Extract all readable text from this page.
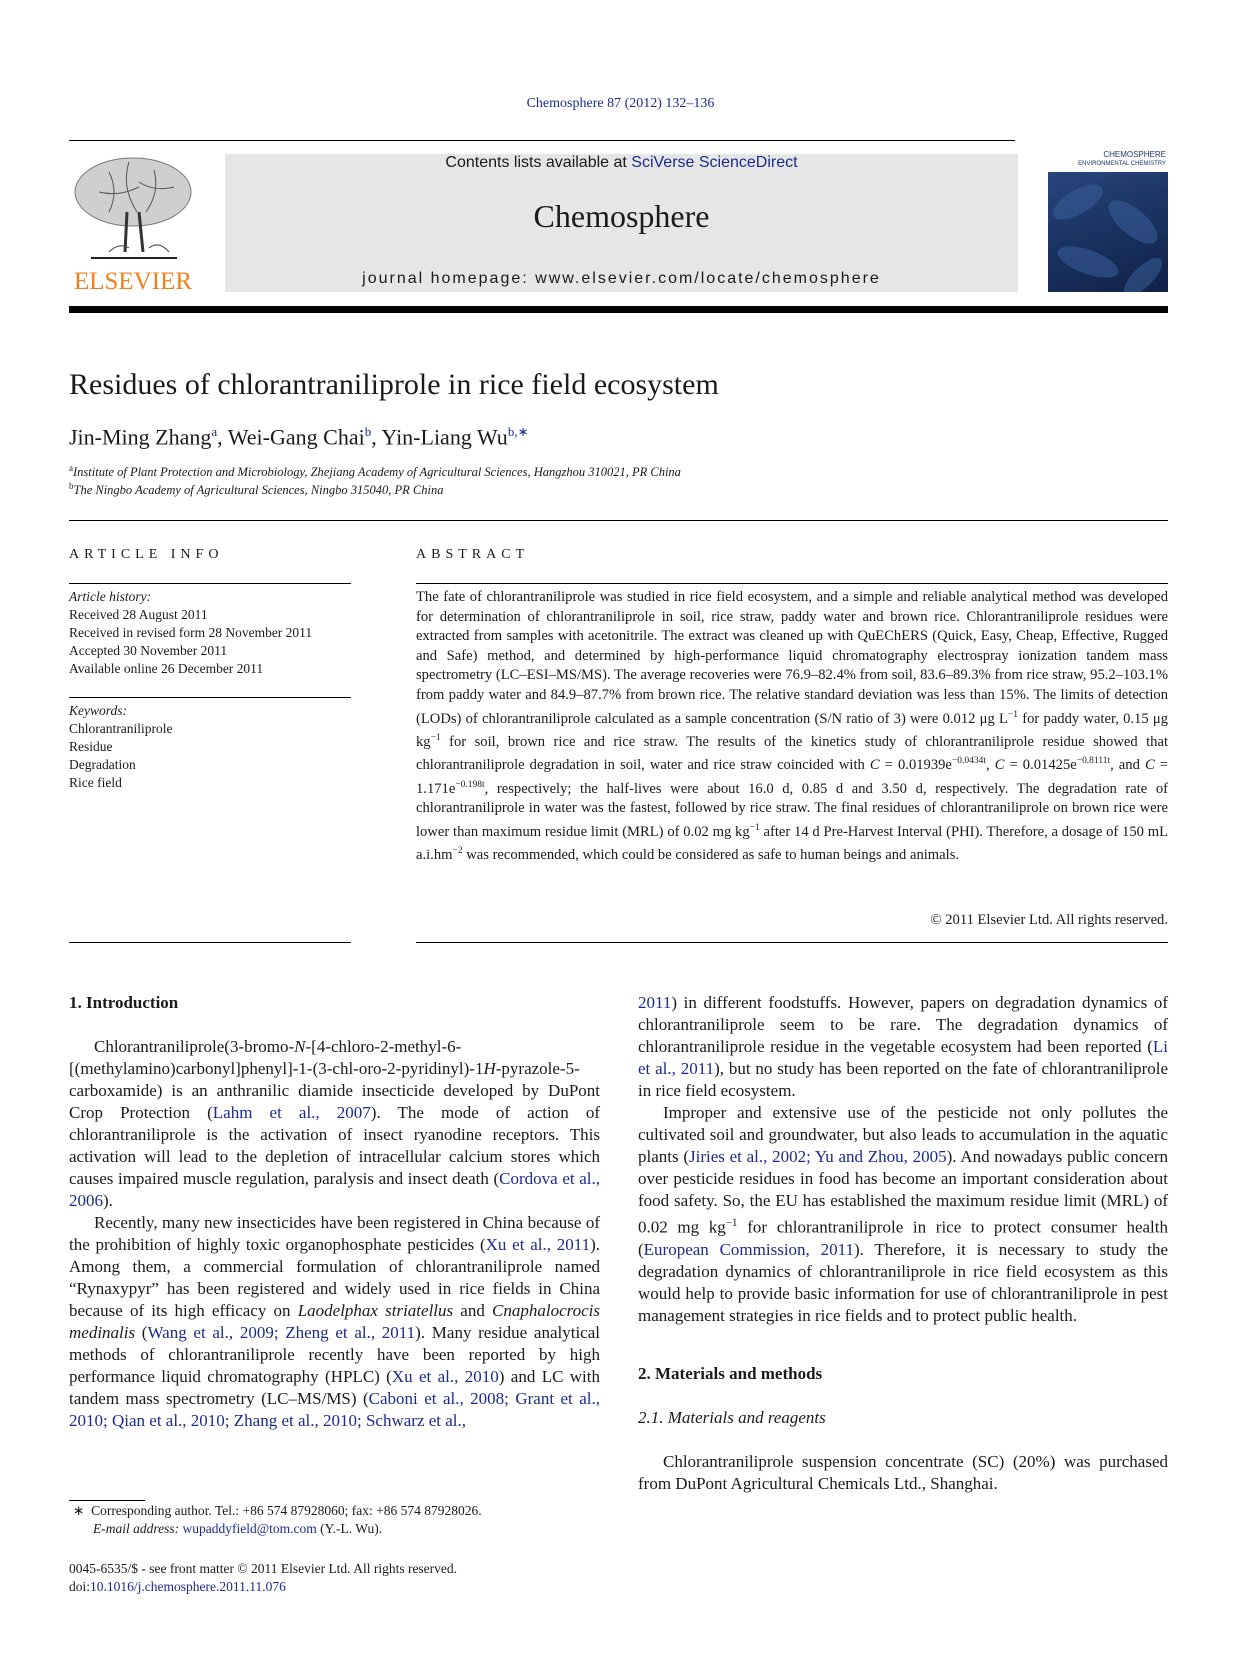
Chemosphere 87 (2012) 132–136
ELSEVIER
Contents lists available at SciVerse ScienceDirect
Chemosphere
journal homepage: www.elsevier.com/locate/chemosphere
CHEMOSPHERE
ENVIRONMENTAL CHEMISTRY
Residues of chlorantraniliprole in rice field ecosystem
Jin-Ming Zhang$^a$, Wei-Gang Chai$^b$, Yin-Liang $Wu^{b,∗}$
$^a$Institute of Plant Protection and Microbiology, Zhejiang Academy of Agricultural Sciences, Hangzhou 310021, PR China
$^b$The Ningbo Academy of Agricultural Sciences, Ningbo 315040, PR China
ARTICLE INFO
Article history:
Received 28 August 2011
Received in revised form 28 November 2011
Accepted 30 November 2011
Available online 26 December 2011
Keywords:
Chlorantraniliprole
Residue
Degradation
Rice field
ABSTRACT
The fate of chlorantraniliprole was studied in rice field ecosystem, and a simple and reliable analytical method was developed for determination of chlorantraniliprole in soil, rice straw, paddy water and brown rice. Chlorantraniliprole residues were extracted from samples with acetonitrile. The extract was cleaned up with QuEChERS (Quick, Easy, Cheap, Effective, Rugged and Safe) method, and determined by high-performance liquid chromatography electrospray ionization tandem mass spectrometry (LC–ESI–MS/MS). The average recoveries were 76.9–82.4% from soil, 83.6–89.3% from rice straw, 95.2–103.1% from paddy water and 84.9–87.7% from brown rice. The relative standard deviation was less than 15%. The limits of detection (LODs) of chlorantraniliprole calculated as a sample concentration (S/N ratio of 3) were 0.012 μg $L^{-1}$ for paddy water, 0.15 μg $kg^{-1}$ for soil, brown rice and rice straw. The results of the kinetics study of chlorantraniliprole residue showed that chlorantraniliprole degradation in soil, water and rice straw coincided with $C = 0.01939e^{-0.0434t}$, $C = 0.01425e^{-0.8111t}$, and $C = 1.171e^{-0.198t}$, respectively; the half-lives were about 16.0 d, 0.85 d and 3.50 d, respectively. The degradation rate of chlorantraniliprole in water was the fastest, followed by rice straw. The final residues of chlorantraniliprole on brown rice were lower than maximum residue limit (MRL) of 0.02 mg $kg^{-1}$ after 14 d Pre-Harvest Interval (PHI). Therefore, a dosage of 150 mL $a.i.hm^{-2}$ was recommended, which could be considered as safe to human beings and animals.
© 2011 Elsevier Ltd. All rights reserved.
1. Introduction

Chlorantraniliprole(3-bromo-N-[4-chloro-2-methyl-6-[(methylamino)carbonyl]phenyl]-1-(3-chl-oro-2-pyridinyl)-1H-pyrazole-5-carboxamide) is an anthranilic diamide insecticide developed by DuPont Crop Protection (Lahm et al., 2007). The mode of action of chlorantraniliprole is the activation of insect ryanodine receptors. This activation will lead to the depletion of intracellular calcium stores which causes impaired muscle regulation, paralysis and insect death (Cordova et al., 2006).

Recently, many new insecticides have been registered in China because of the prohibition of highly toxic organophosphate pesticides (Xu et al., 2011). Among them, a commercial formulation of chlorantraniliprole named “Rynaxypyr” has been registered and widely used in rice fields in China because of its high efficacy on Laodelphax striatellus and Cnaphalocrocis medinalis (Wang et al., 2009; Zheng et al., 2011). Many residue analytical methods of chlorantraniliprole recently have been reported by high performance liquid chromatography (HPLC) (Xu et al., 2010) and LC with tandem mass spectrometry (LC–MS/MS) (Caboni et al., 2008; Grant et al., 2010; Qian et al., 2010; Zhang et al., 2010; Schwarz et al.,

2011) in different foodstuffs. However, papers on degradation dynamics of chlorantraniliprole seem to be rare. The degradation dynamics of chlorantraniliprole residue in the vegetable ecosystem had been reported (Li et al., 2011), but no study has been reported on the fate of chlorantraniliprole in rice field ecosystem.

Improper and extensive use of the pesticide not only pollutes the cultivated soil and groundwater, but also leads to accumulation in the aquatic plants (Jiries et al., 2002; Yu and Zhou, 2005). And nowadays public concern over pesticide residues in food has become an important consideration about food safety. So, the EU has established the maximum residue limit (MRL) of 0.02 mg $kg^{-1}$ for chlorantraniliprole in rice to protect consumer health (European Commission, 2011). Therefore, it is necessary to study the degradation dynamics of chlorantraniliprole in rice field ecosystem as this would help to provide basic information for use of chlorantraniliprole in pest management strategies in rice fields and to protect public health.

2. Materials and methods
2.1. Materials and reagents

Chlorantraniliprole suspension concentrate (SC) (20%) was purchased from DuPont Agricultural Chemicals Ltd., Shanghai.

∗ Corresponding author. Tel.: +86 574 87928060; fax: +86 574 87928026.
E-mail address: wupaddyfield@tom.com (Y.-L. Wu).
0045-6535/$ - see front matter © 2011 Elsevier Ltd. All rights reserved.
doi:10.1016/j.chemosphere.2011.11.076
